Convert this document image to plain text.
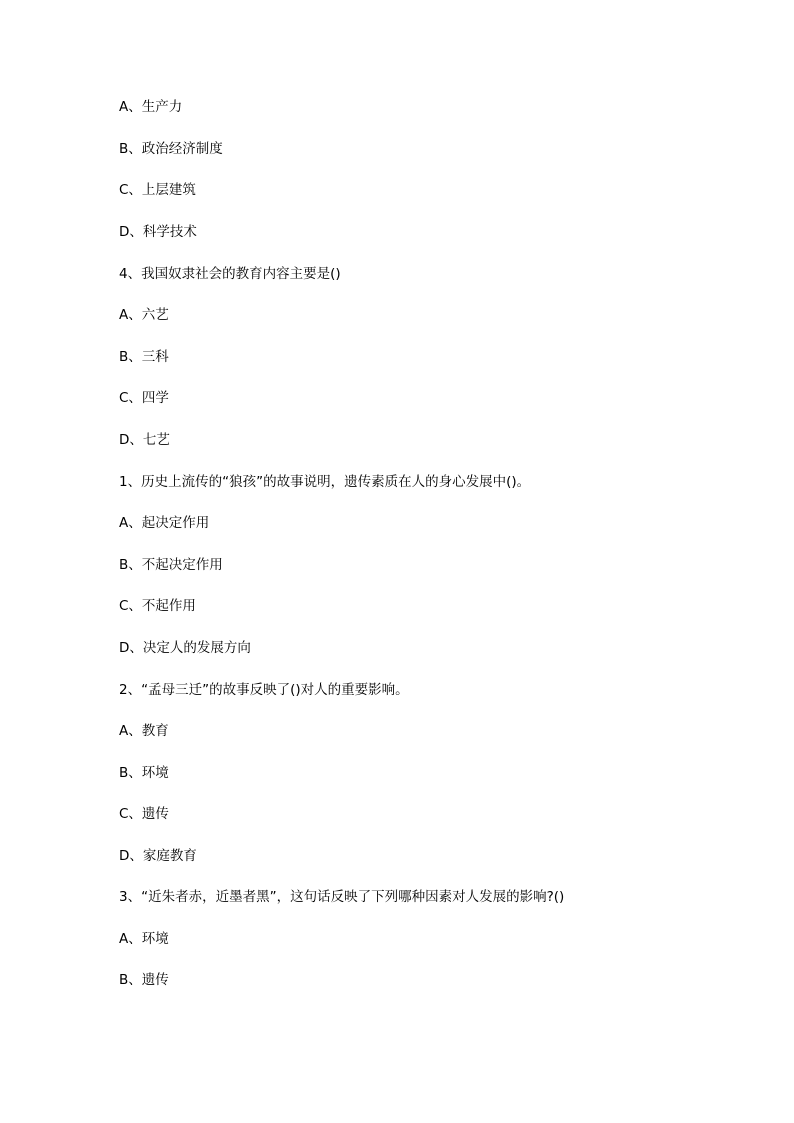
A、生产力
B、政治经济制度
C、上层建筑
D、科学技术
4、我国奴隶社会的教育内容主要是()
A、六艺
B、三科
C、四学
D、七艺
1、历史上流传的“狼孩”的故事说明，遗传素质在人的身心发展中()。
A、起决定作用
B、不起决定作用
C、不起作用
D、决定人的发展方向
2、“孟母三迁”的故事反映了()对人的重要影响。
A、教育
B、环境
C、遗传
D、家庭教育
3、“近朱者赤，近墨者黑”，这句话反映了下列哪种因素对人发展的影响?()
A、环境
B、遗传
